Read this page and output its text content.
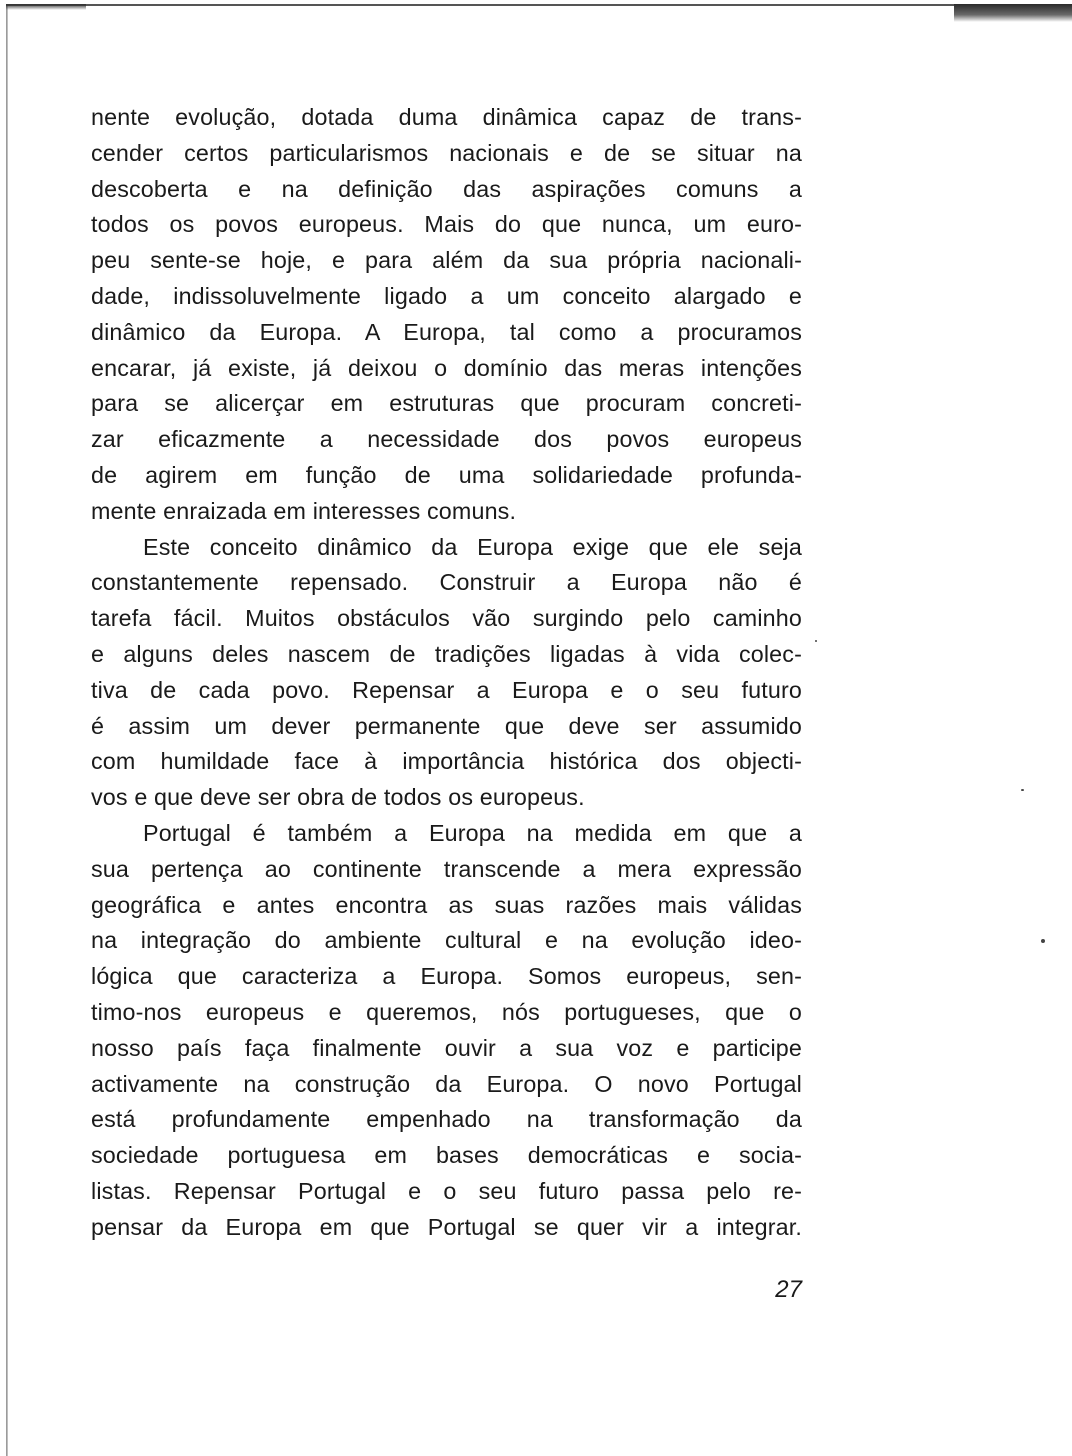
nente evolução, dotada duma dinâmica capaz de trans-
cender certos particularismos nacionais e de se situar na
descoberta e na definição das aspirações comuns a
todos os povos europeus. Mais do que nunca, um euro-
peu sente-se hoje, e para além da sua própria nacionali-
dade, indissoluvelmente ligado a um conceito alargado e
dinâmico da Europa. A Europa, tal como a procuramos
encarar, já existe, já deixou o domínio das meras intenções
para se alicerçar em estruturas que procuram concreti-
zar eficazmente a necessidade dos povos europeus
de agirem em função de uma solidariedade profunda-
mente enraizada em interesses comuns.
Este conceito dinâmico da Europa exige que ele seja
constantemente repensado. Construir a Europa não é
tarefa fácil. Muitos obstáculos vão surgindo pelo caminho
e alguns deles nascem de tradições ligadas à vida colec-
tiva de cada povo. Repensar a Europa e o seu futuro
é assim um dever permanente que deve ser assumido
com humildade face à importância histórica dos objecti-
vos e que deve ser obra de todos os europeus.
Portugal é também a Europa na medida em que a
sua pertença ao continente transcende a mera expressão
geográfica e antes encontra as suas razões mais válidas
na integração do ambiente cultural e na evolução ideo-
lógica que caracteriza a Europa. Somos europeus, sen-
timo-nos europeus e queremos, nós portugueses, que o
nosso país faça finalmente ouvir a sua voz e participe
activamente na construção da Europa. O novo Portugal
está profundamente empenhado na transformação da
sociedade portuguesa em bases democráticas e socia-
listas. Repensar Portugal e o seu futuro passa pelo re-
pensar da Europa em que Portugal se quer vir a integrar.
27
